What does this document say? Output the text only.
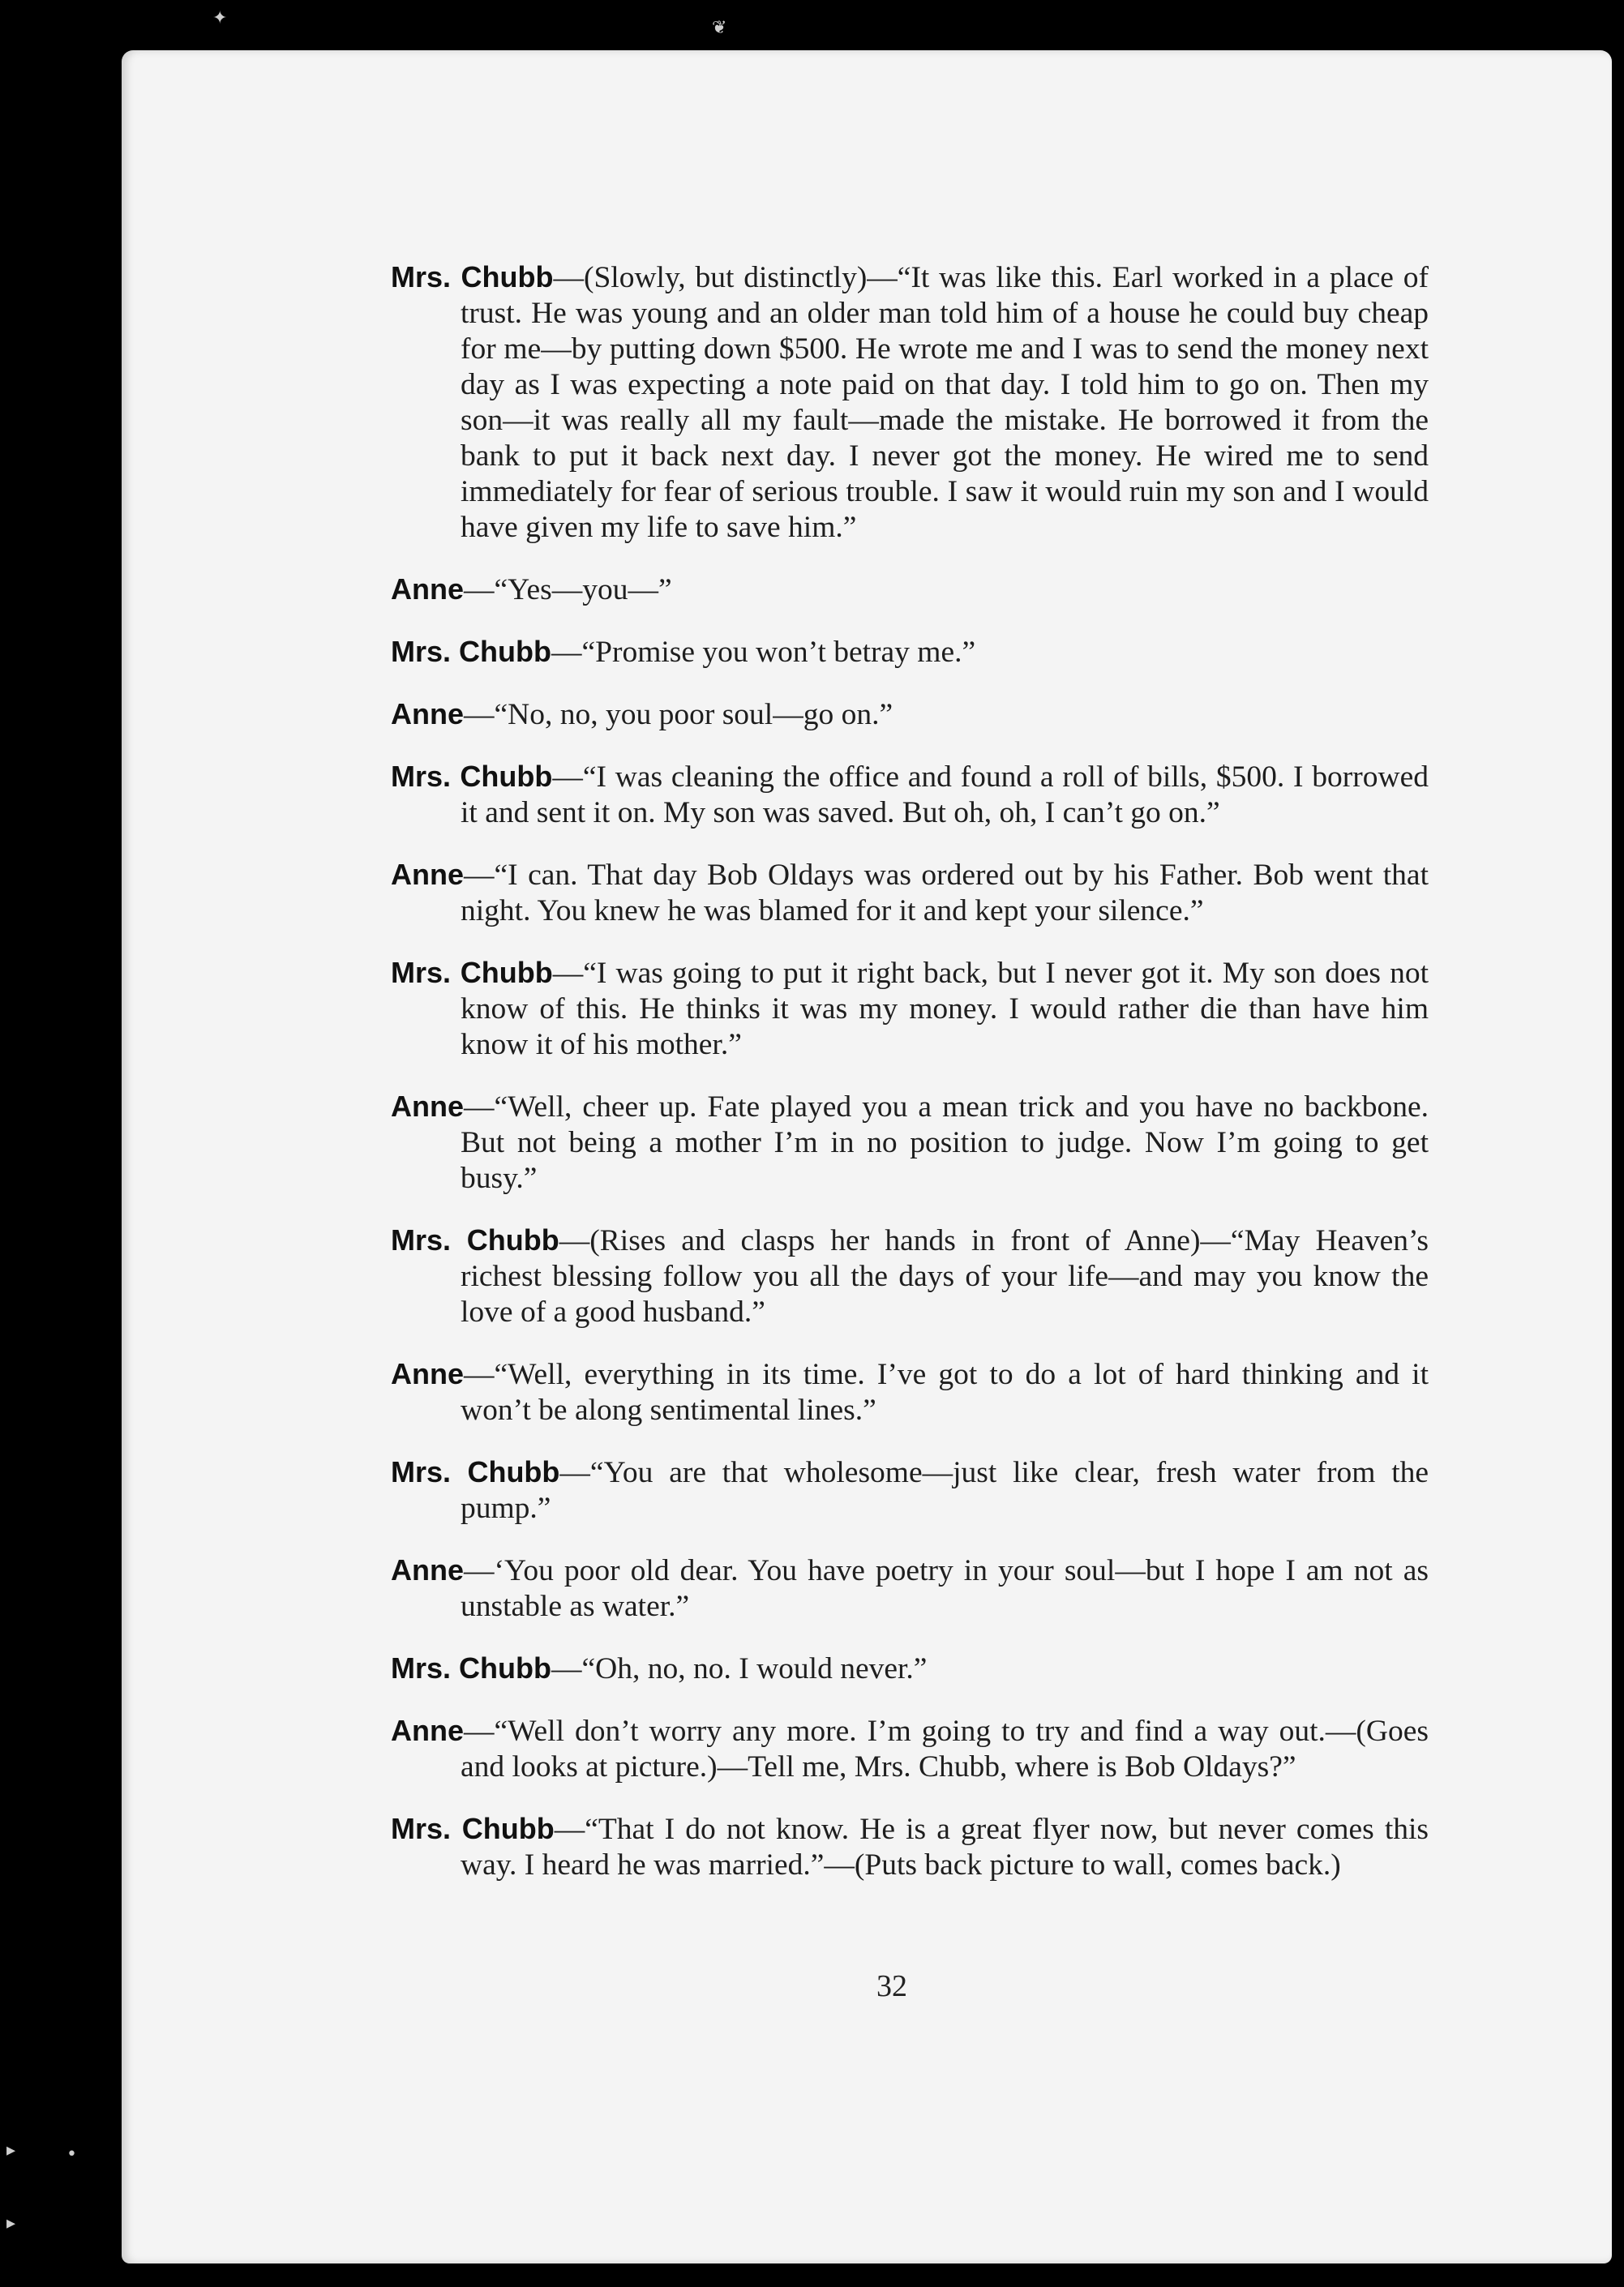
✦	❦
▸	•
▸

Mrs. Chubb—(Slowly, but distinctly)—“It was like this. Earl worked in a place of trust. He was young and an older man told him of a house he could buy cheap for me—by putting down $500. He wrote me and I was to send the money next day as I was expecting a note paid on that day. I told him to go on. Then my son—it was really all my fault—made the mistake. He borrowed it from the bank to put it back next day. I never got the money. He wired me to send immediately for fear of serious trouble. I saw it would ruin my son and I would have given my life to save him.”

Anne—“Yes—you—”

Mrs. Chubb—“Promise you won’t betray me.”

Anne—“No, no, you poor soul—go on.”

Mrs. Chubb—“I was cleaning the office and found a roll of bills, $500. I borrowed it and sent it on. My son was saved. But oh, oh, I can’t go on.”

Anne—“I can. That day Bob Oldays was ordered out by his Father. Bob went that night. You knew he was blamed for it and kept your silence.”

Mrs. Chubb—“I was going to put it right back, but I never got it. My son does not know of this. He thinks it was my money. I would rather die than have him know it of his mother.”

Anne—“Well, cheer up. Fate played you a mean trick and you have no backbone. But not being a mother I’m in no position to judge. Now I’m going to get busy.”

Mrs. Chubb—(Rises and clasps her hands in front of Anne)—“May Heaven’s richest blessing follow you all the days of your life—and may you know the love of a good husband.”

Anne—“Well, everything in its time. I’ve got to do a lot of hard thinking and it won’t be along sentimental lines.”

Mrs. Chubb—“You are that wholesome—just like clear, fresh water from the pump.”

Anne—‘You poor old dear. You have poetry in your soul—but I hope I am not as unstable as water.”

Mrs. Chubb—“Oh, no, no. I would never.”

Anne—“Well don’t worry any more. I’m going to try and find a way out.—(Goes and looks at picture.)—Tell me, Mrs. Chubb, where is Bob Oldays?”

Mrs. Chubb—“That I do not know. He is a great flyer now, but never comes this way. I heard he was married.”—(Puts back picture to wall, comes back.)

32
